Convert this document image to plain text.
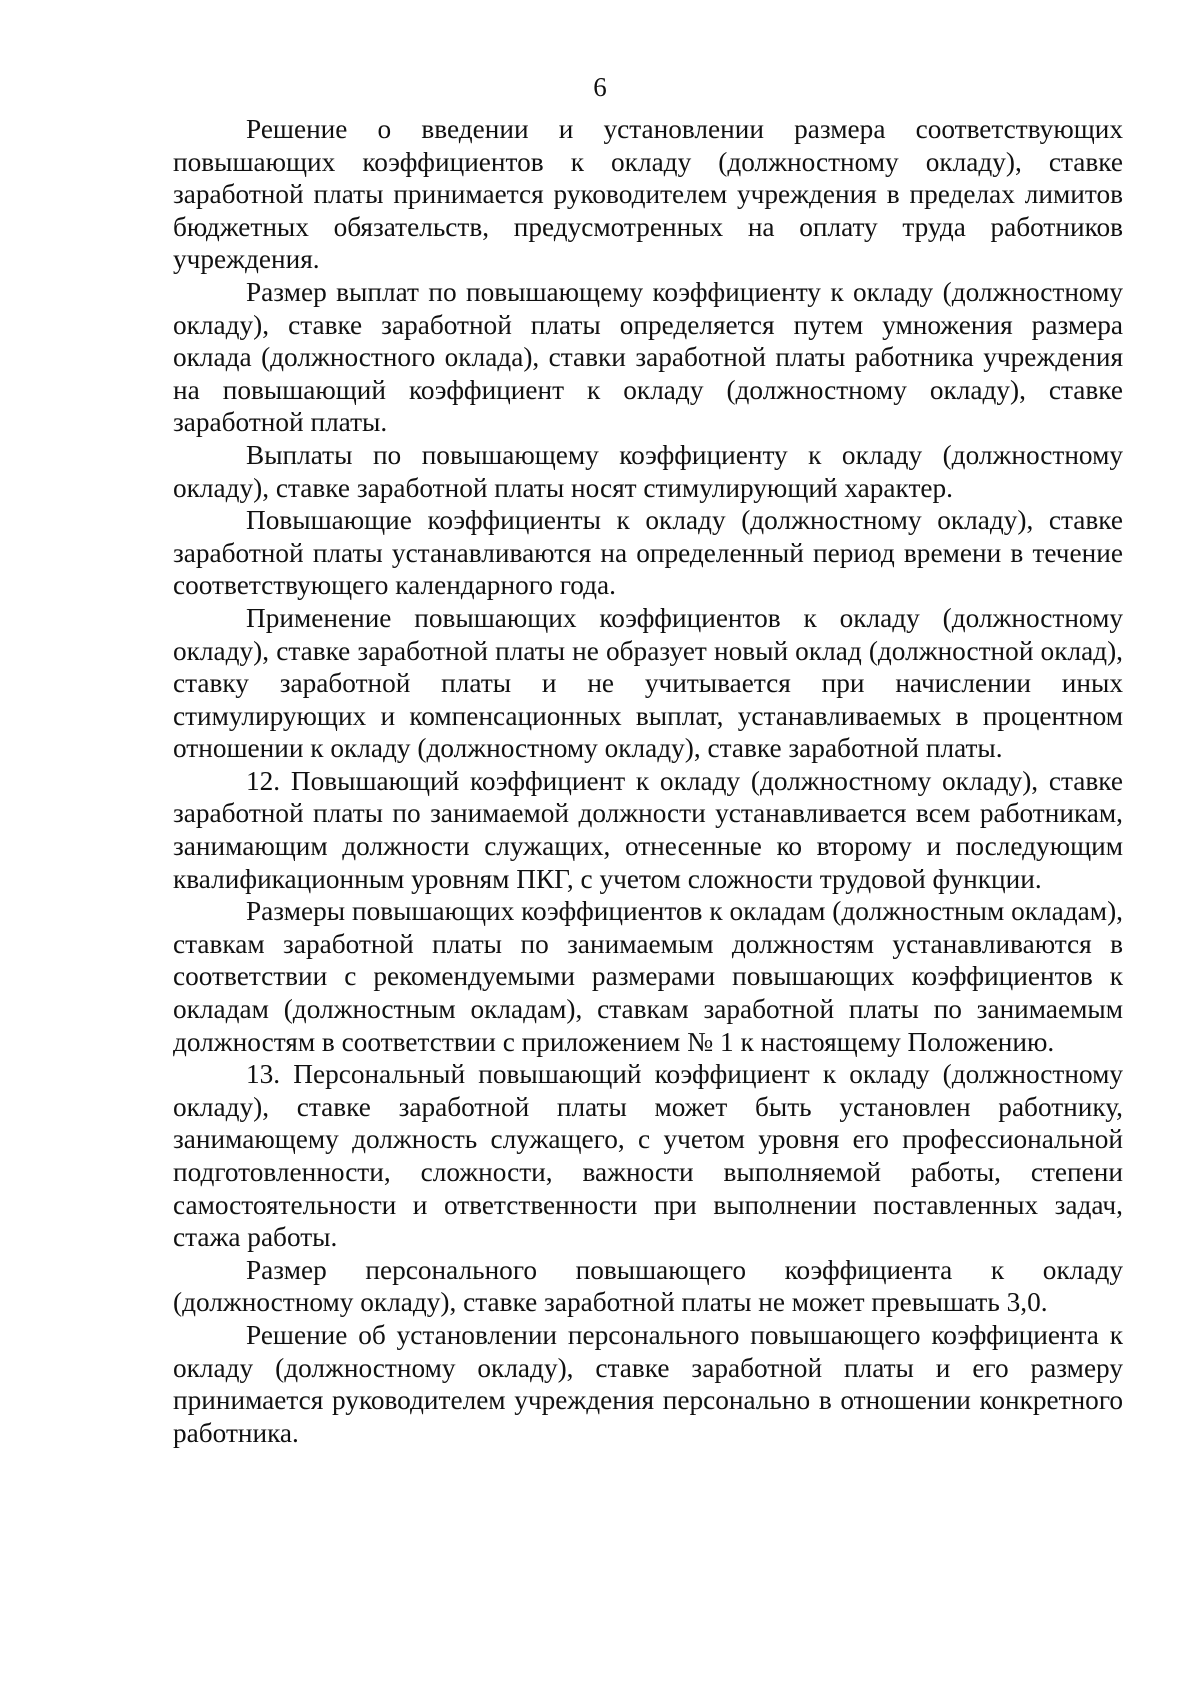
6

Решение о введении и установлении размера соответствующих повышающих коэффициентов к окладу (должностному окладу), ставке заработной платы принимается руководителем учреждения в пределах лимитов бюджетных обязательств, предусмотренных на оплату труда работников учреждения.

Размер выплат по повышающему коэффициенту к окладу (должностному окладу), ставке заработной платы определяется путем умножения размера оклада (должностного оклада), ставки заработной платы работника учреждения на повышающий коэффициент к окладу (должностному окладу), ставке заработной платы.

Выплаты по повышающему коэффициенту к окладу (должностному окладу), ставке заработной платы носят стимулирующий характер.

Повышающие коэффициенты к окладу (должностному окладу), ставке заработной платы устанавливаются на определенный период времени в течение соответствующего календарного года.

Применение повышающих коэффициентов к окладу (должностному окладу), ставке заработной платы не образует новый оклад (должностной оклад), ставку заработной платы и не учитывается при начислении иных стимулирующих и компенсационных выплат, устанавливаемых в процентном отношении к окладу (должностному окладу), ставке заработной платы.

12. Повышающий коэффициент к окладу (должностному окладу), ставке заработной платы по занимаемой должности устанавливается всем работникам, занимающим должности служащих, отнесенные ко второму и последующим квалификационным уровням ПКГ, с учетом сложности трудовой функции.

Размеры повышающих коэффициентов к окладам (должностным окладам), ставкам заработной платы по занимаемым должностям устанавливаются в соответствии с рекомендуемыми размерами повышающих коэффициентов к окладам (должностным окладам), ставкам заработной платы по занимаемым должностям в соответствии с приложением № 1 к настоящему Положению.

13. Персональный повышающий коэффициент к окладу (должностному окладу), ставке заработной платы может быть установлен работнику, занимающему должность служащего, с учетом уровня его профессиональной подготовленности, сложности, важности выполняемой работы, степени самостоятельности и ответственности при выполнении поставленных задач, стажа работы.

Размер персонального повышающего коэффициента к окладу (должностному окладу), ставке заработной платы не может превышать 3,0.

Решение об установлении персонального повышающего коэффициента к окладу (должностному окладу), ставке заработной платы и его размеру принимается руководителем учреждения персонально в отношении конкретного работника.
